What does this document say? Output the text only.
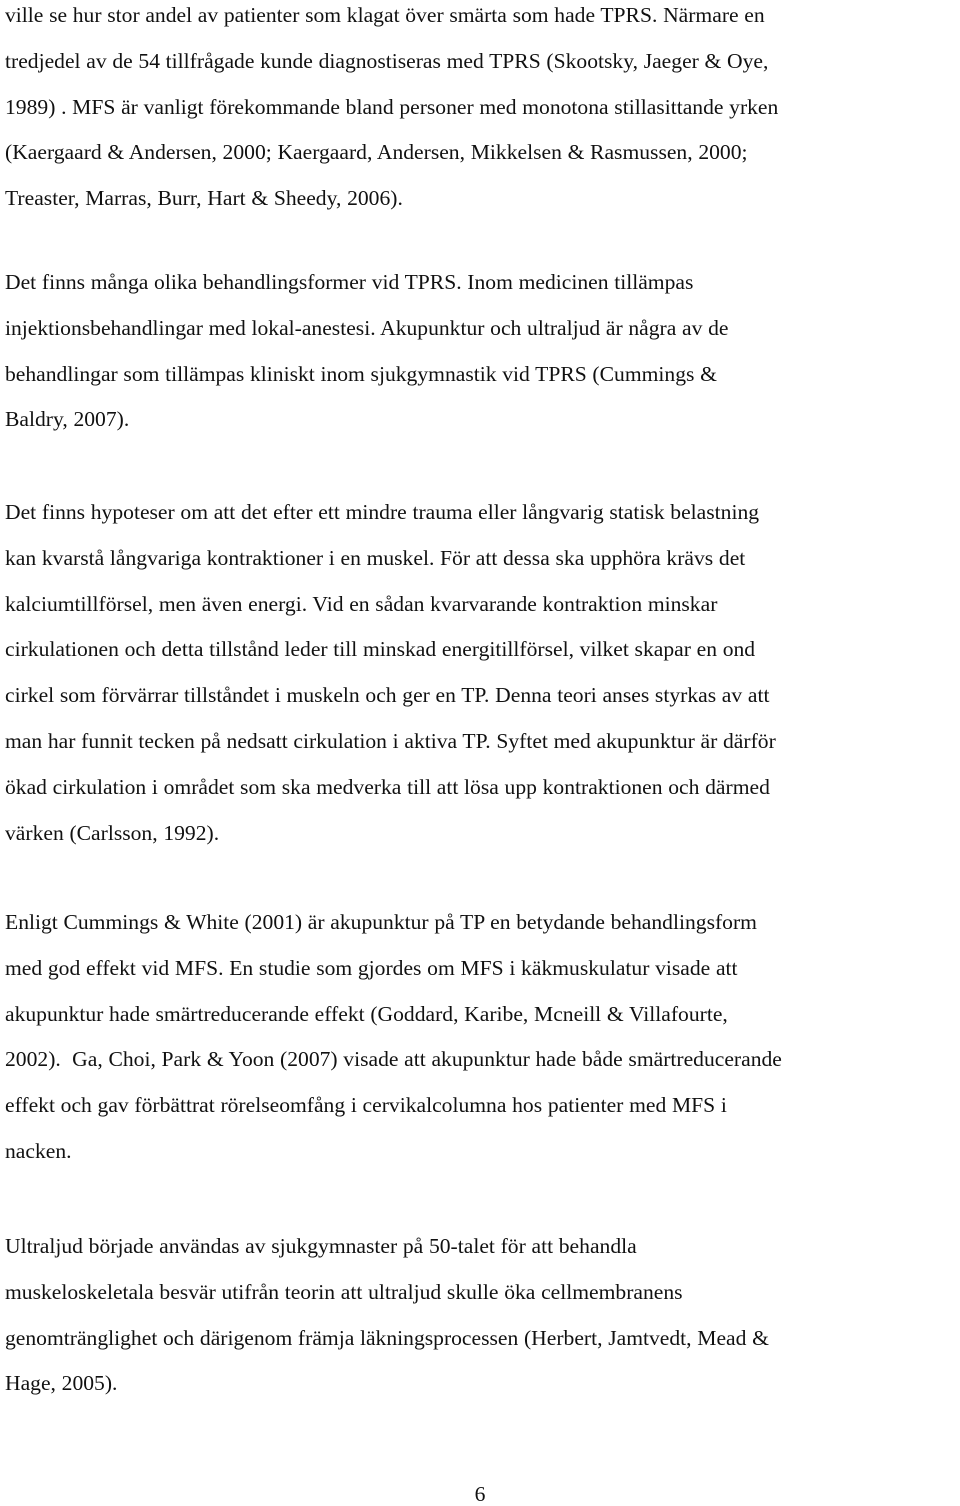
ville se hur stor andel av patienter som klagat över smärta som hade TPRS. Närmare en
tredjedel av de 54 tillfrågade kunde diagnostiseras med TPRS (Skootsky, Jaeger & Oye,
1989) . MFS är vanligt förekommande bland personer med monotona stillasittande yrken
(Kaergaard & Andersen, 2000; Kaergaard, Andersen, Mikkelsen & Rasmussen, 2000;
Treaster, Marras, Burr, Hart & Sheedy, 2006).

Det finns många olika behandlingsformer vid TPRS. Inom medicinen tillämpas
injektionsbehandlingar med lokal-anestesi. Akupunktur och ultraljud är några av de
behandlingar som tillämpas kliniskt inom sjukgymnastik vid TPRS (Cummings &
Baldry, 2007).

Det finns hypoteser om att det efter ett mindre trauma eller långvarig statisk belastning
kan kvarstå långvariga kontraktioner i en muskel. För att dessa ska upphöra krävs det
kalciumtillförsel, men även energi. Vid en sådan kvarvarande kontraktion minskar
cirkulationen och detta tillstånd leder till minskad energitillförsel, vilket skapar en ond
cirkel som förvärrar tillståndet i muskeln och ger en TP. Denna teori anses styrkas av att
man har funnit tecken på nedsatt cirkulation i aktiva TP. Syftet med akupunktur är därför
ökad cirkulation i området som ska medverka till att lösa upp kontraktionen och därmed
värken (Carlsson, 1992).

Enligt Cummings & White (2001) är akupunktur på TP en betydande behandlingsform
med god effekt vid MFS. En studie som gjordes om MFS i käkmuskulatur visade att
akupunktur hade smärtreducerande effekt (Goddard, Karibe, Mcneill & Villafourte,
2002).  Ga, Choi, Park & Yoon (2007) visade att akupunktur hade både smärtreducerande
effekt och gav förbättrat rörelseomfång i cervikalcolumna hos patienter med MFS i
nacken.

Ultraljud började användas av sjukgymnaster på 50-talet för att behandla
muskeloskeletala besvär utifrån teorin att ultraljud skulle öka cellmembranens
genomtränglighet och därigenom främja läkningsprocessen (Herbert, Jamtvedt, Mead &
Hage, 2005).

6
